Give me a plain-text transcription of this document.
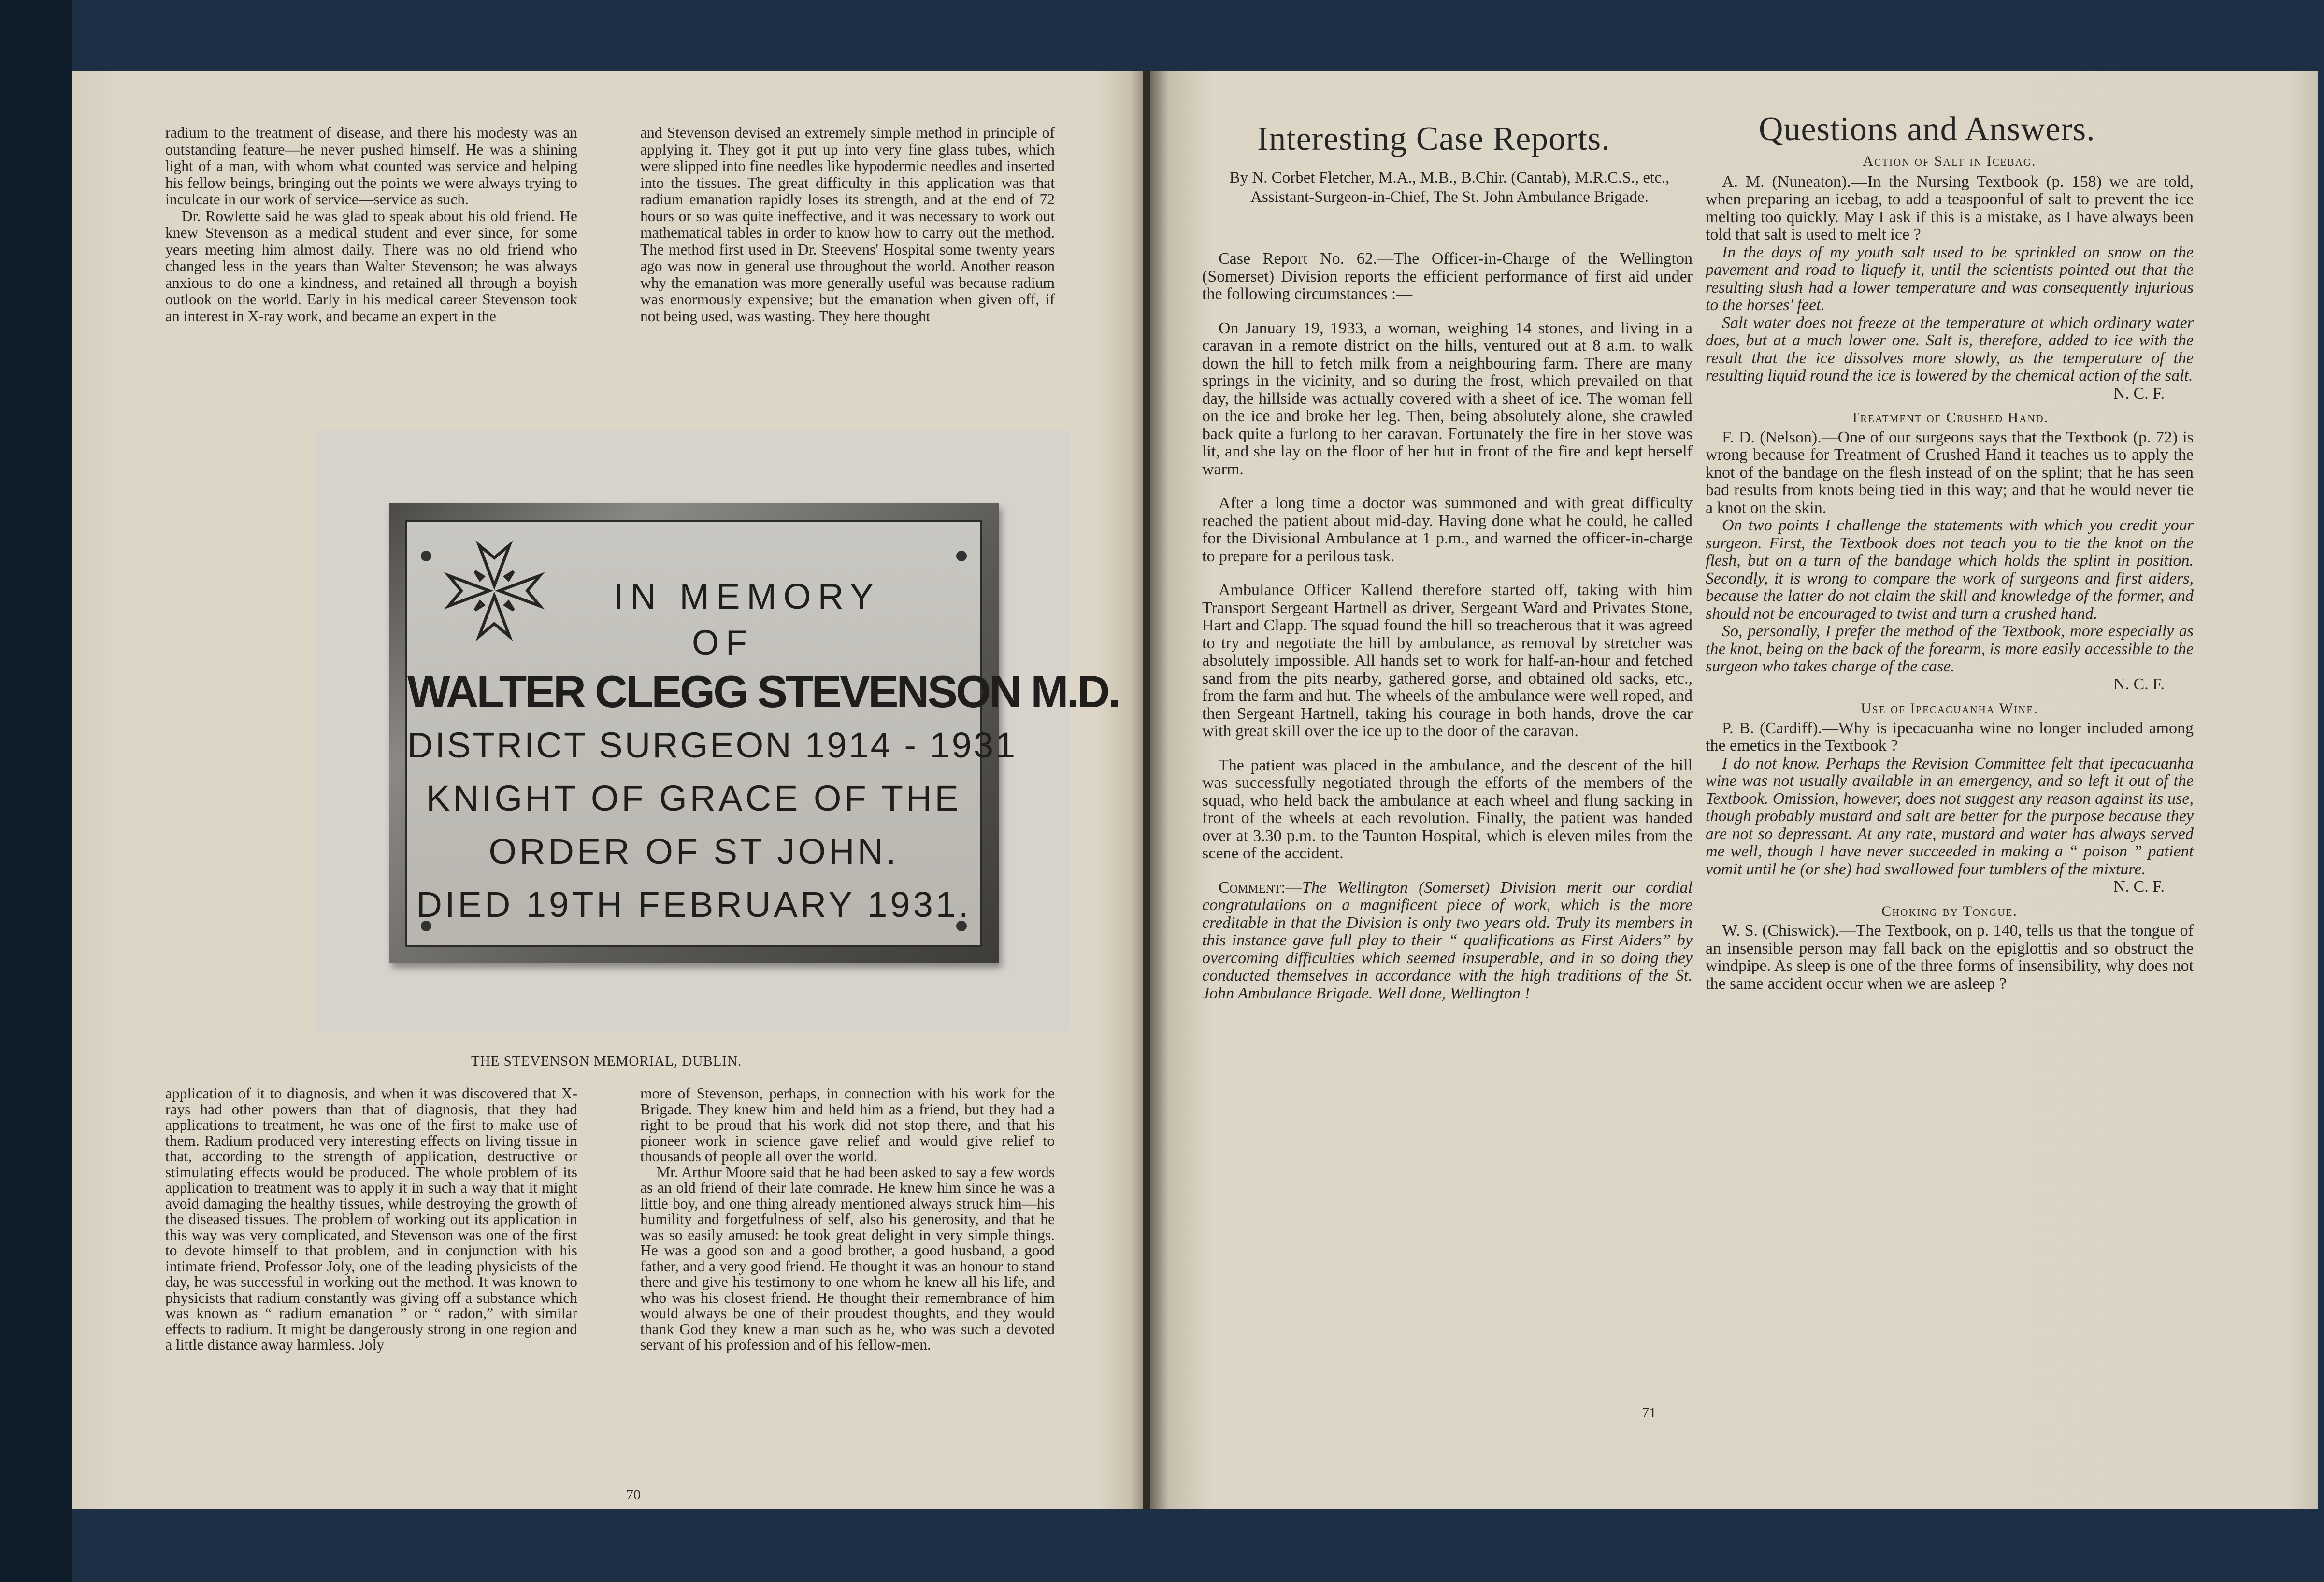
radium to the treatment of disease, and there his modesty was an outstanding feature—he never pushed himself. He was a shining light of a man, with whom what counted was service and helping his fellow beings, bringing out the points we were always trying to inculcate in our work of service—service as such.

Dr. Rowlette said he was glad to speak about his old friend. He knew Stevenson as a medical student and ever since, for some years meeting him almost daily. There was no old friend who changed less in the years than Walter Stevenson; he was always anxious to do one a kindness, and retained all through a boyish outlook on the world. Early in his medical career Stevenson took an interest in X-ray work, and became an expert in the

and Stevenson devised an extremely simple method in principle of applying it. They got it put up into very fine glass tubes, which were slipped into fine needles like hypodermic needles and inserted into the tissues. The great difficulty in this application was that radium emanation rapidly loses its strength, and at the end of 72 hours or so was quite ineffective, and it was necessary to work out mathematical tables in order to know how to carry out the method. The method first used in Dr. Steevens' Hospital some twenty years ago was now in general use throughout the world. Another reason why the emanation was more generally useful was because radium was enormously expensive; but the emanation when given off, if not being used, was wasting. They here thought

IN MEMORY
OF
WALTER CLEGG STEVENSON M.D.
DISTRICT SURGEON 1914 - 1931
KNIGHT OF GRACE OF THE
ORDER OF ST JOHN.
DIED 19TH FEBRUARY 1931.
THE STEVENSON MEMORIAL, DUBLIN.

application of it to diagnosis, and when it was discovered that X-rays had other powers than that of diagnosis, that they had applications to treatment, he was one of the first to make use of them. Radium produced very interesting effects on living tissue in that, according to the strength of application, destructive or stimulating effects would be produced. The whole problem of its application to treatment was to apply it in such a way that it might avoid damaging the healthy tissues, while destroying the growth of the diseased tissues. The problem of working out its application in this way was very complicated, and Stevenson was one of the first to devote himself to that problem, and in conjunction with his intimate friend, Professor Joly, one of the leading physicists of the day, he was successful in working out the method. It was known to physicists that radium constantly was giving off a substance which was known as “ radium emanation ” or “ radon,” with similar effects to radium. It might be dangerously strong in one region and a little distance away harmless. Joly

more of Stevenson, perhaps, in connection with his work for the Brigade. They knew him and held him as a friend, but they had a right to be proud that his work did not stop there, and that his pioneer work in science gave relief and would give relief to thousands of people all over the world.

Mr. Arthur Moore said that he had been asked to say a few words as an old friend of their late comrade. He knew him since he was a little boy, and one thing already mentioned always struck him—his humility and forgetfulness of self, also his generosity, and that he was so easily amused: he took great delight in very simple things. He was a good son and a good brother, a good husband, a good father, and a very good friend. He thought it was an honour to stand there and give his testimony to one whom he knew all his life, and who was his closest friend. He thought their remembrance of him would always be one of their proudest thoughts, and they would thank God they knew a man such as he, who was such a devoted servant of his profession and of his fellow-men.

70
Interesting Case Reports.

By N. Corbet Fletcher, M.A., M.B., B.Chir. (Cantab), M.R.C.S., etc., Assistant-Surgeon-in-Chief, The St. John Ambulance Brigade.

Case Report No. 62.—The Officer-in-Charge of the Wellington (Somerset) Division reports the efficient performance of first aid under the following circumstances :—

On January 19, 1933, a woman, weighing 14 stones, and living in a caravan in a remote district on the hills, ventured out at 8 a.m. to walk down the hill to fetch milk from a neighbouring farm. There are many springs in the vicinity, and so during the frost, which prevailed on that day, the hillside was actually covered with a sheet of ice. The woman fell on the ice and broke her leg. Then, being absolutely alone, she crawled back quite a furlong to her caravan. Fortunately the fire in her stove was lit, and she lay on the floor of her hut in front of the fire and kept herself warm.

After a long time a doctor was summoned and with great difficulty reached the patient about mid-day. Having done what he could, he called for the Divisional Ambulance at 1 p.m., and warned the officer-in-charge to prepare for a perilous task.

Ambulance Officer Kallend therefore started off, taking with him Transport Sergeant Hartnell as driver, Sergeant Ward and Privates Stone, Hart and Clapp. The squad found the hill so treacherous that it was agreed to try and negotiate the hill by ambulance, as removal by stretcher was absolutely impossible. All hands set to work for half-an-hour and fetched sand from the pits nearby, gathered gorse, and obtained old sacks, etc., from the farm and hut. The wheels of the ambulance were well roped, and then Sergeant Hartnell, taking his courage in both hands, drove the car with great skill over the ice up to the door of the caravan.

The patient was placed in the ambulance, and the descent of the hill was successfully negotiated through the efforts of the members of the squad, who held back the ambulance at each wheel and flung sacking in front of the wheels at each revolution. Finally, the patient was handed over at 3.30 p.m. to the Taunton Hospital, which is eleven miles from the scene of the accident.

Comment:—The Wellington (Somerset) Division merit our cordial congratulations on a magnificent piece of work, which is the more creditable in that the Division is only two years old. Truly its members in this instance gave full play to their “ qualifications as First Aiders” by overcoming difficulties which seemed insuperable, and in so doing they conducted themselves in accordance with the high traditions of the St. John Ambulance Brigade. Well done, Wellington !

71
Questions and Answers.
Action of Salt in Icebag.

A. M. (Nuneaton).—In the Nursing Textbook (p. 158) we are told, when preparing an icebag, to add a teaspoonful of salt to prevent the ice melting too quickly. May I ask if this is a mistake, as I have always been told that salt is used to melt ice ?

In the days of my youth salt used to be sprinkled on snow on the pavement and road to liquefy it, until the scientists pointed out that the resulting slush had a lower temperature and was consequently injurious to the horses' feet.

Salt water does not freeze at the temperature at which ordinary water does, but at a much lower one. Salt is, therefore, added to ice with the result that the ice dissolves more slowly, as the temperature of the resulting liquid round the ice is lowered by the chemical action of the salt.

N. C. F.

Treatment of Crushed Hand.

F. D. (Nelson).—One of our surgeons says that the Textbook (p. 72) is wrong because for Treatment of Crushed Hand it teaches us to apply the knot of the bandage on the flesh instead of on the splint; that he has seen bad results from knots being tied in this way; and that he would never tie a knot on the skin.

On two points I challenge the statements with which you credit your surgeon. First, the Textbook does not teach you to tie the knot on the flesh, but on a turn of the bandage which holds the splint in position. Secondly, it is wrong to compare the work of surgeons and first aiders, because the latter do not claim the skill and knowledge of the former, and should not be encouraged to twist and turn a crushed hand.

So, personally, I prefer the method of the Textbook, more especially as the knot, being on the back of the forearm, is more easily accessible to the surgeon who takes charge of the case.

N. C. F.

Use of Ipecacuanha Wine.

P. B. (Cardiff).—Why is ipecacuanha wine no longer included among the emetics in the Textbook ?

I do not know. Perhaps the Revision Committee felt that ipecacuanha wine was not usually available in an emergency, and so left it out of the Textbook. Omission, however, does not suggest any reason against its use, though probably mustard and salt are better for the purpose because they are not so depressant. At any rate, mustard and water has always served me well, though I have never succeeded in making a “ poison ” patient vomit until he (or she) had swallowed four tumblers of the mixture.

N. C. F.

Choking by Tongue.

W. S. (Chiswick).—The Textbook, on p. 140, tells us that the tongue of an insensible person may fall back on the epiglottis and so obstruct the windpipe. As sleep is one of the three forms of insensibility, why does not the same accident occur when we are asleep ?
